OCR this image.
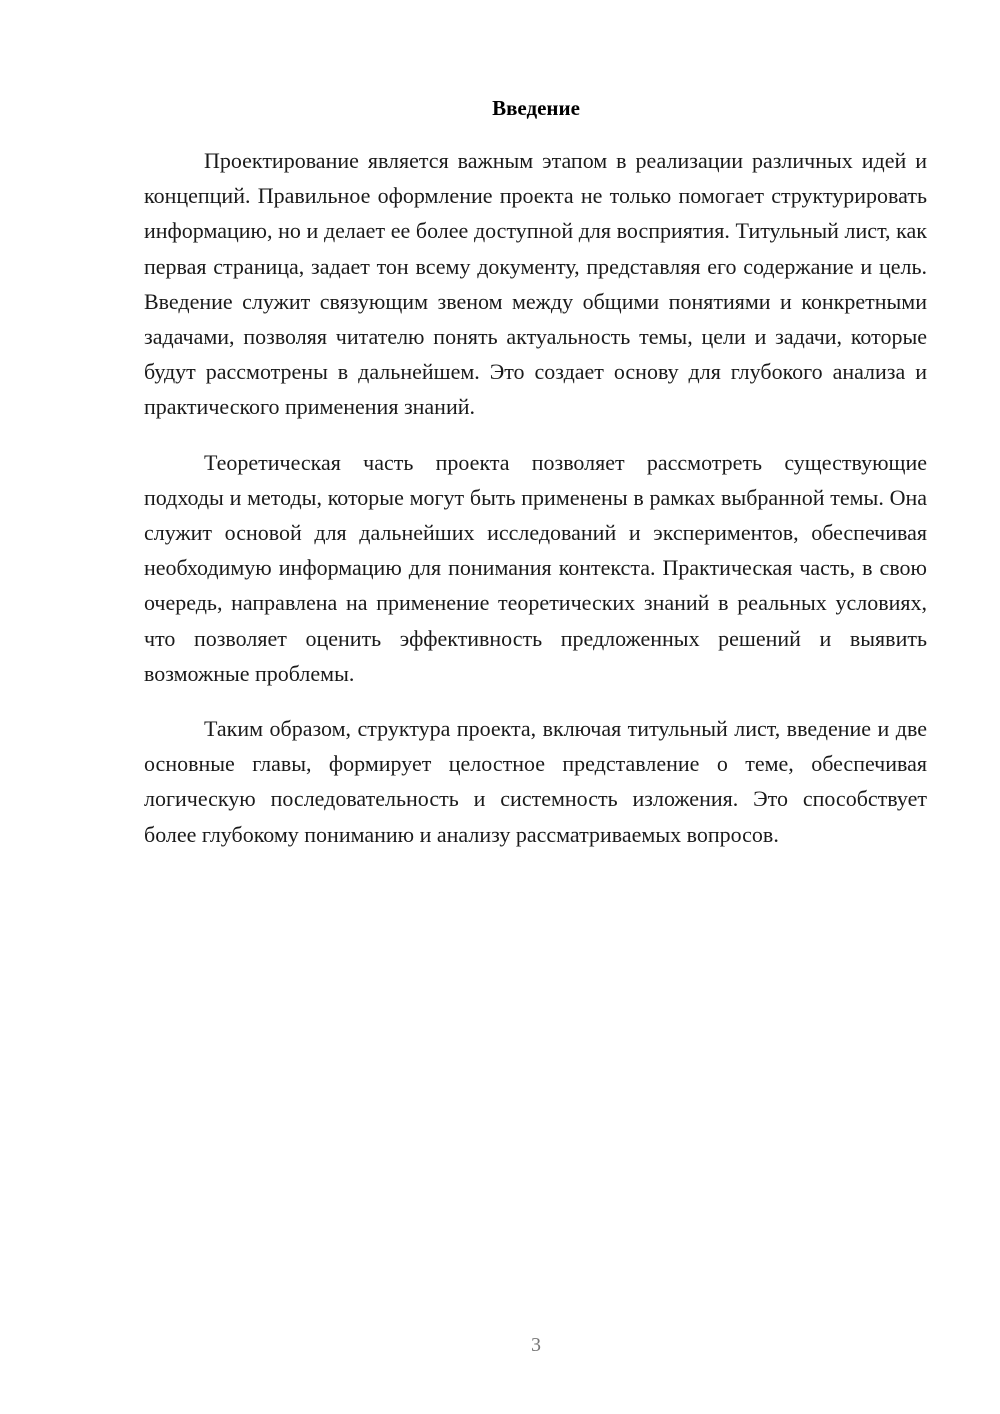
Введение

Проектирование является важным этапом в реализации различных идей и концепций. Правильное оформление проекта не только помогает структурировать информацию, но и делает ее более доступной для восприятия. Титульный лист, как первая страница, задает тон всему документу, представляя его содержание и цель. Введение служит связующим звеном между общими понятиями и конкретными задачами, позволяя читателю понять актуальность темы, цели и задачи, которые будут рассмотрены в дальнейшем. Это создает основу для глубокого анализа и практического применения знаний.

Теоретическая часть проекта позволяет рассмотреть существующие подходы и методы, которые могут быть применены в рамках выбранной темы. Она служит основой для дальнейших исследований и экспериментов, обеспечивая необходимую информацию для понимания контекста. Практическая часть, в свою очередь, направлена на применение теоретических знаний в реальных условиях, что позволяет оценить эффективность предложенных решений и выявить возможные проблемы.

Таким образом, структура проекта, включая титульный лист, введение и две основные главы, формирует целостное представление о теме, обеспечивая логическую последовательность и системность изложения. Это способствует более глубокому пониманию и анализу рассматриваемых вопросов.

3
